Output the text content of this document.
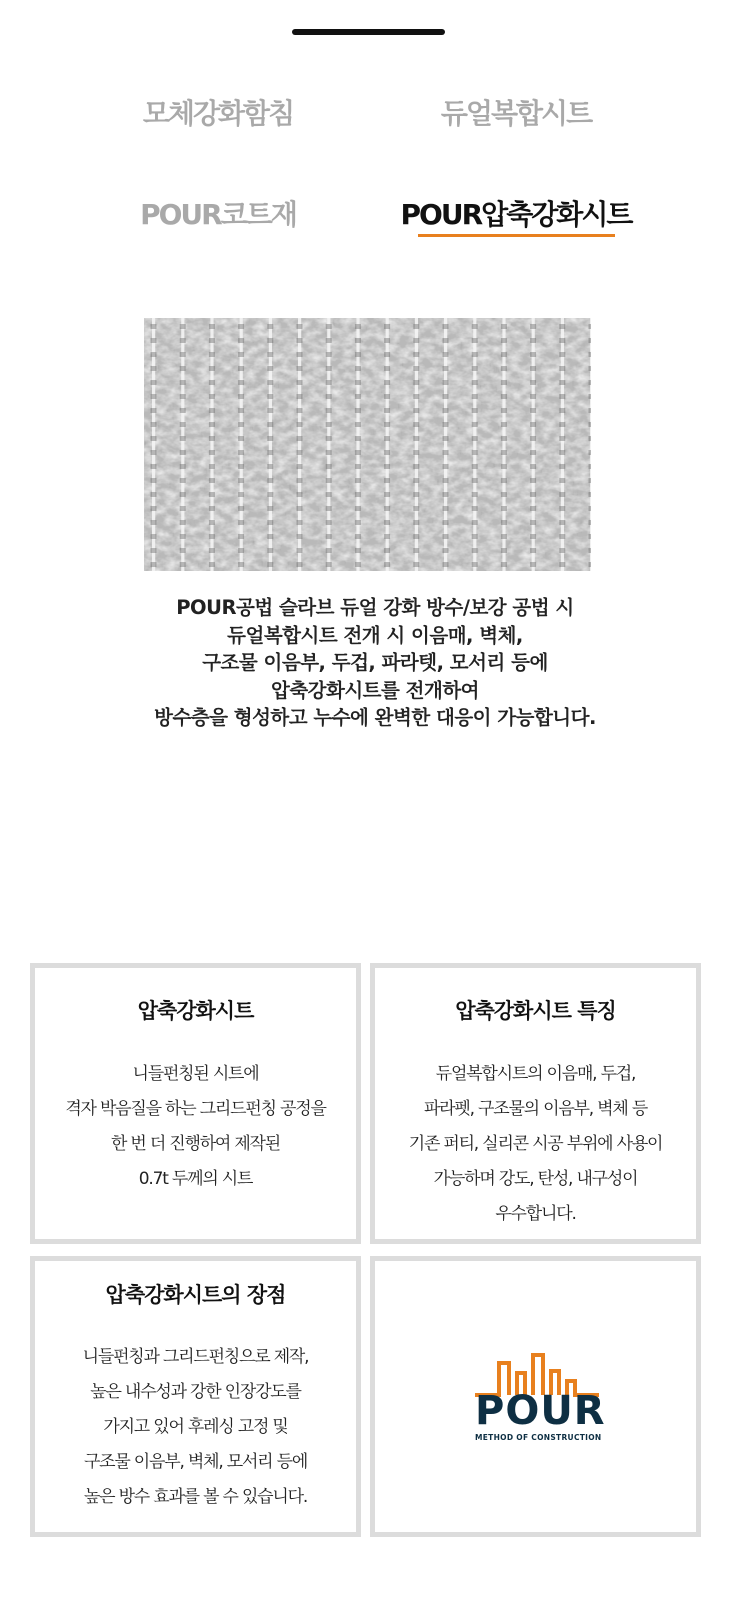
모체강화함침	듀얼복합시트
POUR코트재	POUR압축강화시트
POUR공법 슬라브 듀얼 강화 방수/보강 공법 시
듀얼복합시트 전개 시 이음매, 벽체,
구조물 이음부, 두겁, 파라텟, 모서리 등에
압축강화시트를 전개하여
방수층을 형성하고 누수에 완벽한 대응이 가능합니다.
압축강화시트
니들펀칭된 시트에
격자 박음질을 하는 그리드펀칭 공정을
한 번 더 진행하여 제작된
0.7t 두께의 시트
압축강화시트 특징
듀얼복합시트의 이음매, 두겁,
파라펫, 구조물의 이음부, 벽체 등
기존 퍼티, 실리콘 시공 부위에 사용이
가능하며 강도, 탄성, 내구성이
우수합니다.
압축강화시트의 장점
니들펀칭과 그리드펀칭으로 제작,
높은 내수성과 강한 인장강도를
가지고 있어 후레싱 고정 및
구조물 이음부, 벽체, 모서리 등에
높은 방수 효과를 볼 수 있습니다.
POUR
METHOD OF CONSTRUCTION
